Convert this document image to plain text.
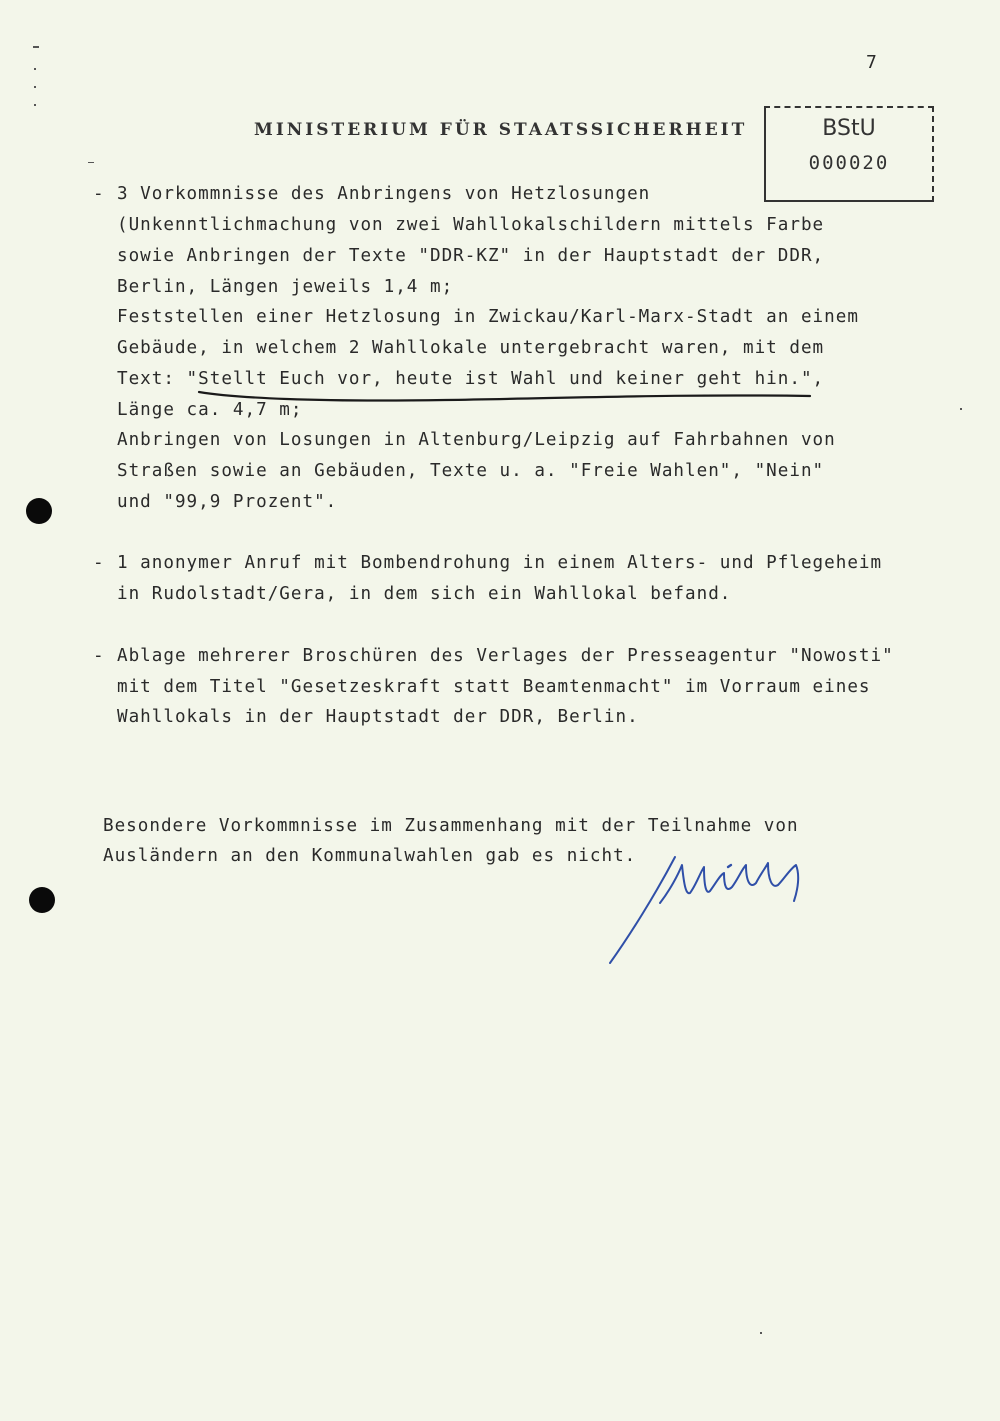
7
MINISTERIUM FÜR STAATSSICHERHEIT	BStU
000020
- 3 Vorkommnisse des Anbringens von Hetzlosungen
(Unkenntlichmachung von zwei Wahllokalschildern mittels Farbe
sowie Anbringen der Texte "DDR-KZ" in der Hauptstadt der DDR,
Berlin, Längen jeweils 1,4 m;
Feststellen einer Hetzlosung in Zwickau/Karl-Marx-Stadt an einem
Gebäude, in welchem 2 Wahllokale untergebracht waren, mit dem
Text: "Stellt Euch vor, heute ist Wahl und keiner geht hin.",
Länge ca. 4,7 m;
Anbringen von Losungen in Altenburg/Leipzig auf Fahrbahnen von
Straßen sowie an Gebäuden, Texte u. a. "Freie Wahlen", "Nein"
und "99,9 Prozent".
- 1 anonymer Anruf mit Bombendrohung in einem Alters- und Pflegeheim
in Rudolstadt/Gera, in dem sich ein Wahllokal befand.
- Ablage mehrerer Broschüren des Verlages der Presseagentur "Nowosti"
mit dem Titel "Gesetzeskraft statt Beamtenmacht" im Vorraum eines
Wahllokals in der Hauptstadt der DDR, Berlin.
Besondere Vorkommnisse im Zusammenhang mit der Teilnahme von
Ausländern an den Kommunalwahlen gab es nicht.
